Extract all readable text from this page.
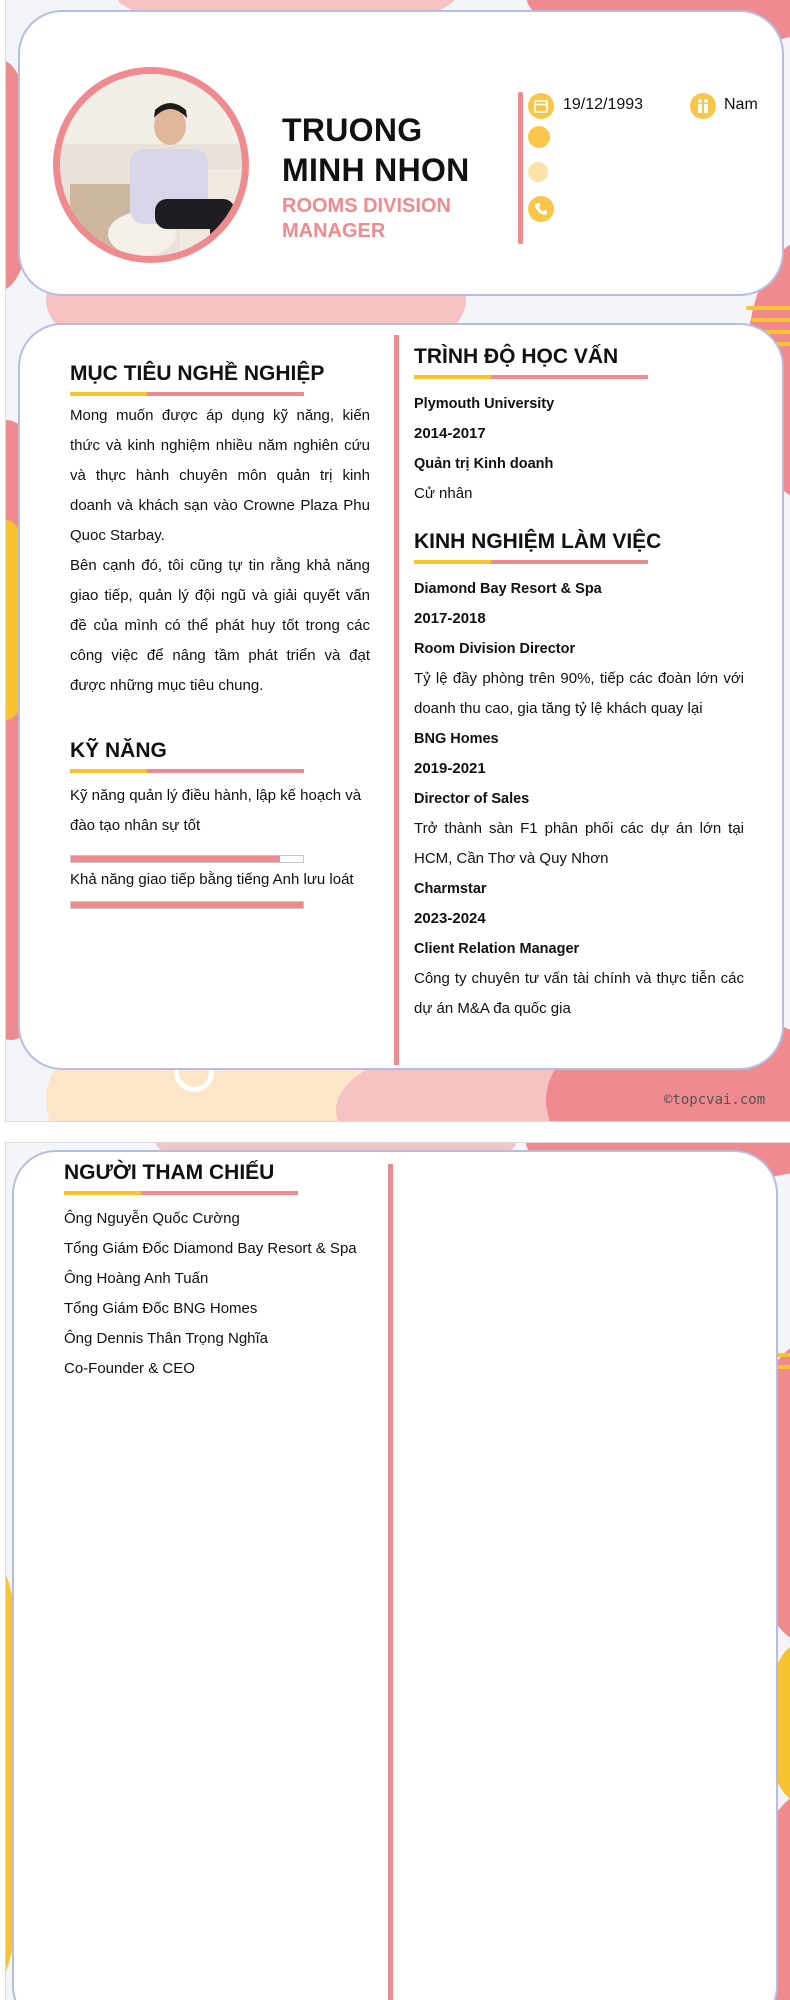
TRUONG MINH NHON
ROOMS DIVISION MANAGER
19/12/1993	Nam
MỤC TIÊU NGHỀ NGHIỆP
Mong muốn được áp dụng kỹ năng, kiến thức và kinh nghiệm nhiều năm nghiên cứu và thực hành chuyên môn quản trị kinh doanh và khách sạn vào Crowne Plaza Phu Quoc Starbay.
Bên cạnh đó, tôi cũng tự tin rằng khả năng giao tiếp, quản lý đội ngũ và giải quyết vấn đề của mình có thể phát huy tốt trong các công việc để nâng tầm phát triển và đạt được những mục tiêu chung.
KỸ NĂNG
Kỹ năng quản lý điều hành, lập kế hoạch và đào tạo nhân sự tốt
Khả năng giao tiếp bằng tiếng Anh lưu loát
TRÌNH ĐỘ HỌC VẤN
Plymouth University
2014-2017
Quản trị Kinh doanh
Cử nhân
KINH NGHIỆM LÀM VIỆC
Diamond Bay Resort & Spa
2017-2018
Room Division Director
Tỷ lệ đầy phòng trên 90%, tiếp các đoàn lớn với doanh thu cao, gia tăng tỷ lệ khách quay lại
BNG Homes
2019-2021
Director of Sales
Trở thành sàn F1 phân phối các dự án lớn tại HCM, Cần Thơ và Quy Nhơn
Charmstar
2023-2024
Client Relation Manager
Công ty chuyên tư vấn tài chính và thực tiễn các dự án M&A đa quốc gia
©topcvai.com
NGƯỜI THAM CHIẾU
Ông Nguyễn Quốc Cường
Tổng Giám Đốc Diamond Bay Resort & Spa
Ông Hoàng Anh Tuấn
Tổng Giám Đốc BNG Homes
Ông Dennis Thân Trọng Nghĩa
Co-Founder & CEO
